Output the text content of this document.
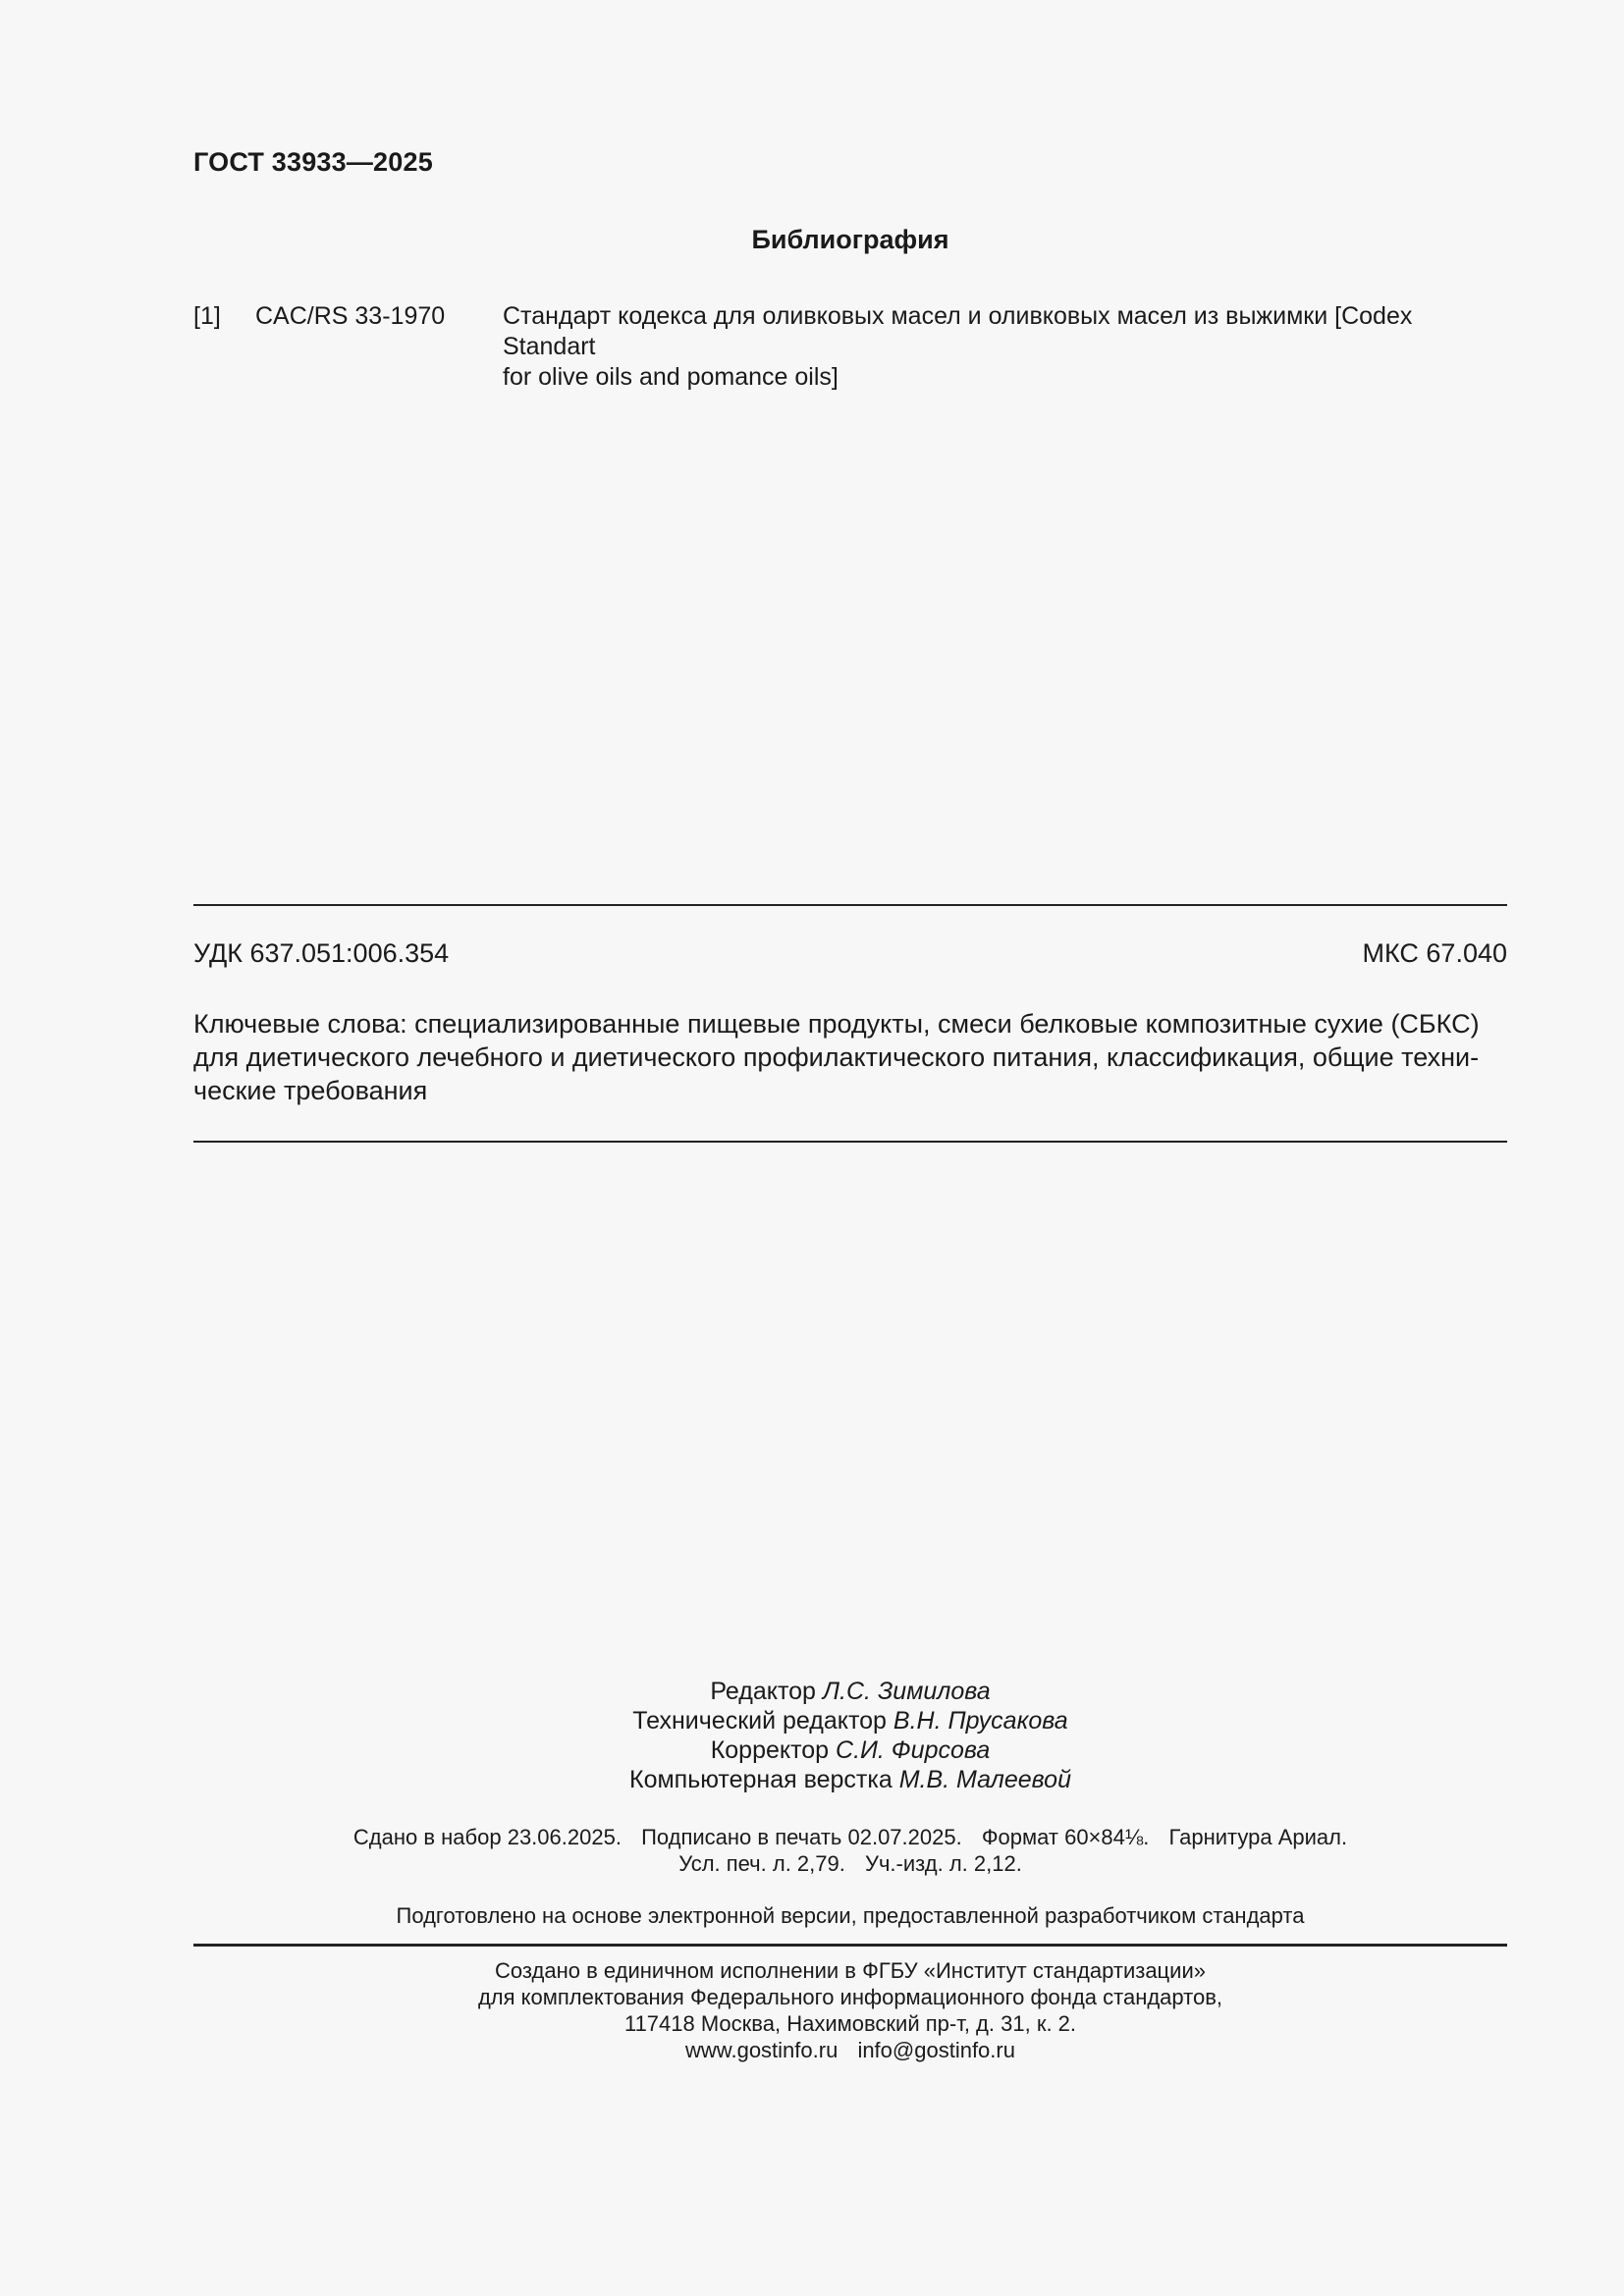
ГОСТ 33933—2025
Библиография
[1] CAC/RS 33-1970 Стандарт кодекса для оливковых масел и оливковых масел из выжимки [Codex Standart
for olive oils and pomance oils]
УДК 637.051:006.354	МКС 67.040
Ключевые слова: специализированные пищевые продукты, смеси белковые композитные сухие (СБКС)
для диетического лечебного и диетического профилактического питания, классификация, общие техни-
ческие требования
Редактор Л.С. Зимилова
Технический редактор В.Н. Прусакова
Корректор С.И. Фирсова
Компьютерная верстка М.В. Малеевой
Сдано в набор 23.06.2025. Подписано в печать 02.07.2025. Формат 60×84⅛. Гарнитура Ариал.
Усл. печ. л. 2,79. Уч.-изд. л. 2,12.
Подготовлено на основе электронной версии, предоставленной разработчиком стандарта
Создано в единичном исполнении в ФГБУ «Институт стандартизации»
для комплектования Федерального информационного фонда стандартов,
117418 Москва, Нахимовский пр-т, д. 31, к. 2.
www.gostinfo.ru info@gostinfo.ru
